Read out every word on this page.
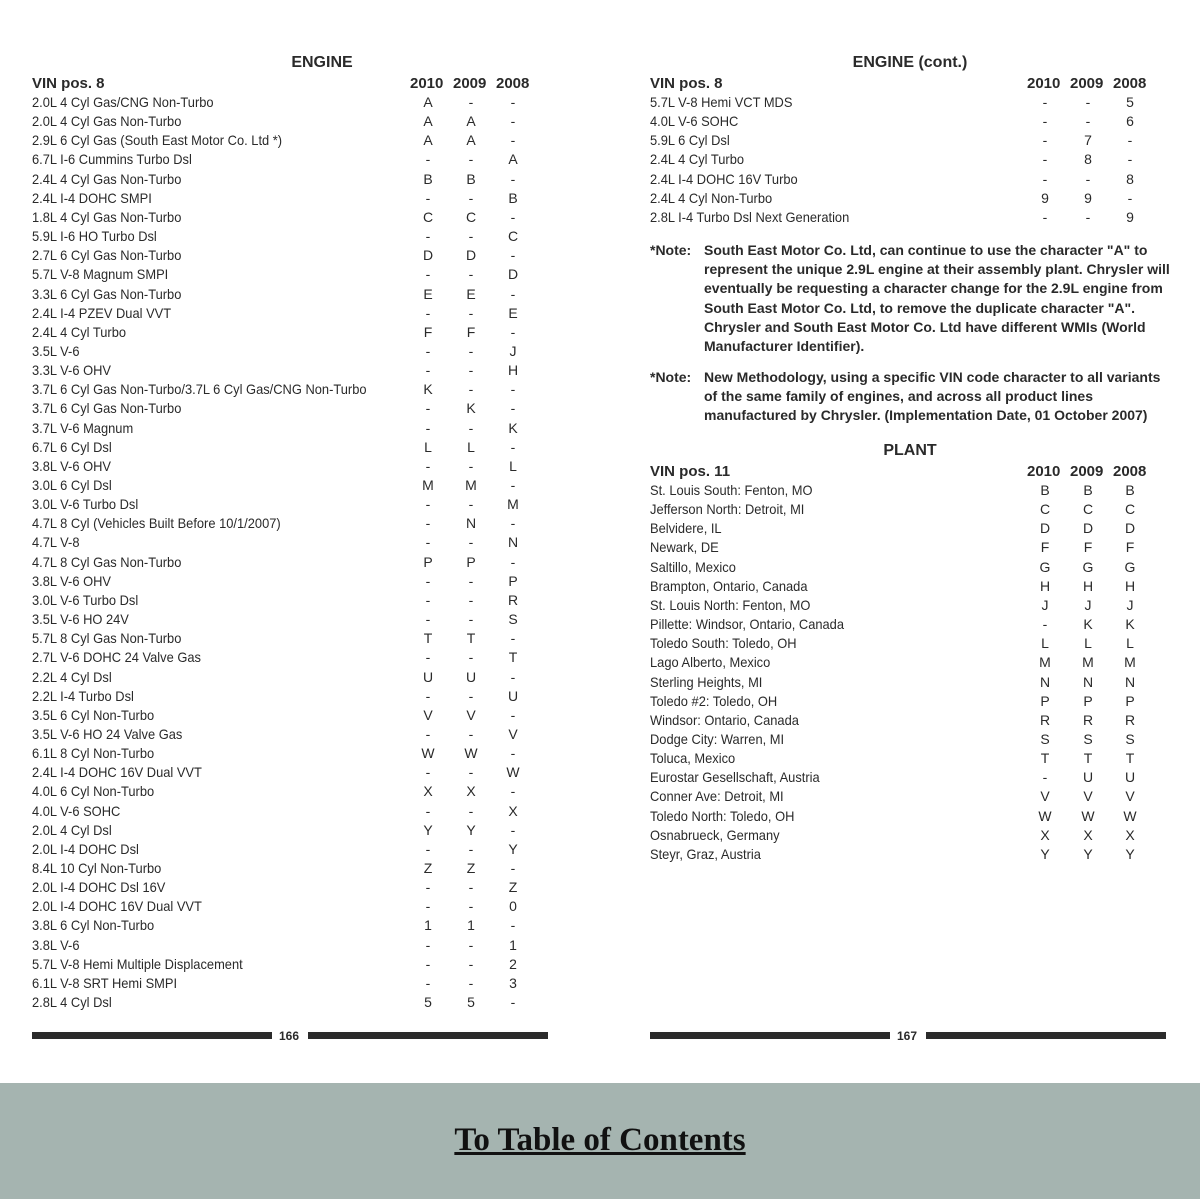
ENGINE
VIN pos. 8	2010 2009 2008
2.0L 4 Cyl Gas/CNG Non-Turbo	A	-	-
2.0L 4 Cyl Gas Non-Turbo	A	A	-
2.9L 6 Cyl Gas (South East Motor Co. Ltd *)	A	A	-
6.7L I-6 Cummins Turbo Dsl	-	-	A
2.4L 4 Cyl Gas Non-Turbo	B	B	-
2.4L I-4 DOHC SMPI	-	-	B
1.8L 4 Cyl Gas Non-Turbo	C	C	-
5.9L I-6 HO Turbo Dsl	-	-	C
2.7L 6 Cyl Gas Non-Turbo	D	D	-
5.7L V-8 Magnum SMPI	-	-	D
3.3L 6 Cyl Gas Non-Turbo	E	E	-
2.4L I-4 PZEV Dual VVT	-	-	E
2.4L 4 Cyl Turbo	F	F	-
3.5L V-6	-	-	J
3.3L V-6 OHV	-	-	H
3.7L 6 Cyl Gas Non-Turbo/3.7L 6 Cyl Gas/CNG Non-Turbo	K	-	-
3.7L 6 Cyl Gas Non-Turbo	-	K	-
3.7L V-6 Magnum	-	-	K
6.7L 6 Cyl Dsl	L	L	-
3.8L V-6 OHV	-	-	L
3.0L 6 Cyl Dsl	M M	-
3.0L V-6 Turbo Dsl	-	-	M
4.7L 8 Cyl (Vehicles Built Before 10/1/2007)	-	N	-
4.7L V-8	-	-	N
4.7L 8 Cyl Gas Non-Turbo	P	P	-
3.8L V-6 OHV	-	-	P
3.0L V-6 Turbo Dsl	-	-	R
3.5L V-6 HO 24V	-	-	S
5.7L 8 Cyl Gas Non-Turbo	T	T	-
2.7L V-6 DOHC 24 Valve Gas	-	-	T
2.2L 4 Cyl Dsl	U	U	-
2.2L I-4 Turbo Dsl	-	-	U
3.5L 6 Cyl Non-Turbo	V	V	-
3.5L V-6 HO 24 Valve Gas	-	-	V
6.1L 8 Cyl Non-Turbo	W W	-
2.4L I-4 DOHC 16V Dual VVT	-	-	W
4.0L 6 Cyl Non-Turbo	X	X	-
4.0L V-6 SOHC	-	-	X
2.0L 4 Cyl Dsl	Y	Y	-
2.0L I-4 DOHC Dsl	-	-	Y
8.4L 10 Cyl Non-Turbo	Z	Z	-
2.0L I-4 DOHC Dsl 16V	-	-	Z
2.0L I-4 DOHC 16V Dual VVT	-	-	0
3.8L 6 Cyl Non-Turbo	1	1	-
3.8L V-6	-	-	1
5.7L V-8 Hemi Multiple Displacement	-	-	2
6.1L V-8 SRT Hemi SMPI	-	-	3
2.8L 4 Cyl Dsl	5	5	-
166
ENGINE (cont.)
VIN pos. 8	2010 2009 2008
5.7L V-8 Hemi VCT MDS	-	-	5
4.0L V-6 SOHC	-	-	6
5.9L 6 Cyl Dsl	-	7	-
2.4L 4 Cyl Turbo	-	8	-
2.4L I-4 DOHC 16V Turbo	-	-	8
2.4L 4 Cyl Non-Turbo	9	9	-
2.8L I-4 Turbo Dsl Next Generation	-	-	9
*Note: South East Motor Co. Ltd, can continue to use the character "A" to represent the unique 2.9L engine at their assembly plant. Chrysler will eventually be requesting a character change for the 2.9L engine from South East Motor Co. Ltd, to remove the duplicate character "A". Chrysler and South East Motor Co. Ltd have different WMIs (World Manufacturer Identifier).
*Note: New Methodology, using a specific VIN code character to all variants of the same family of engines, and across all product lines manufactured by Chrysler. (Implementation Date, 01 October 2007)
PLANT
VIN pos. 11	2010 2009 2008
St. Louis South: Fenton, MO	B	B	B
Jefferson North: Detroit, MI	C	C	C
Belvidere, IL	D	D	D
Newark, DE	F	F	F
Saltillo, Mexico	G	G	G
Brampton, Ontario, Canada	H	H	H
St. Louis North: Fenton, MO	J	J	J
Pillette: Windsor, Ontario, Canada	-	K	K
Toledo South: Toledo, OH	L	L	L
Lago Alberto, Mexico	M M M
Sterling Heights, MI	N	N	N
Toledo #2: Toledo, OH	P	P	P
Windsor: Ontario, Canada	R	R	R
Dodge City: Warren, MI	S	S	S
Toluca, Mexico	T	T	T
Eurostar Gesellschaft, Austria	-	U	U
Conner Ave: Detroit, MI	V	V	V
Toledo North: Toledo, OH	W W W
Osnabrueck, Germany	X	X	X
Steyr, Graz, Austria	Y	Y	Y
167
To Table of Contents
